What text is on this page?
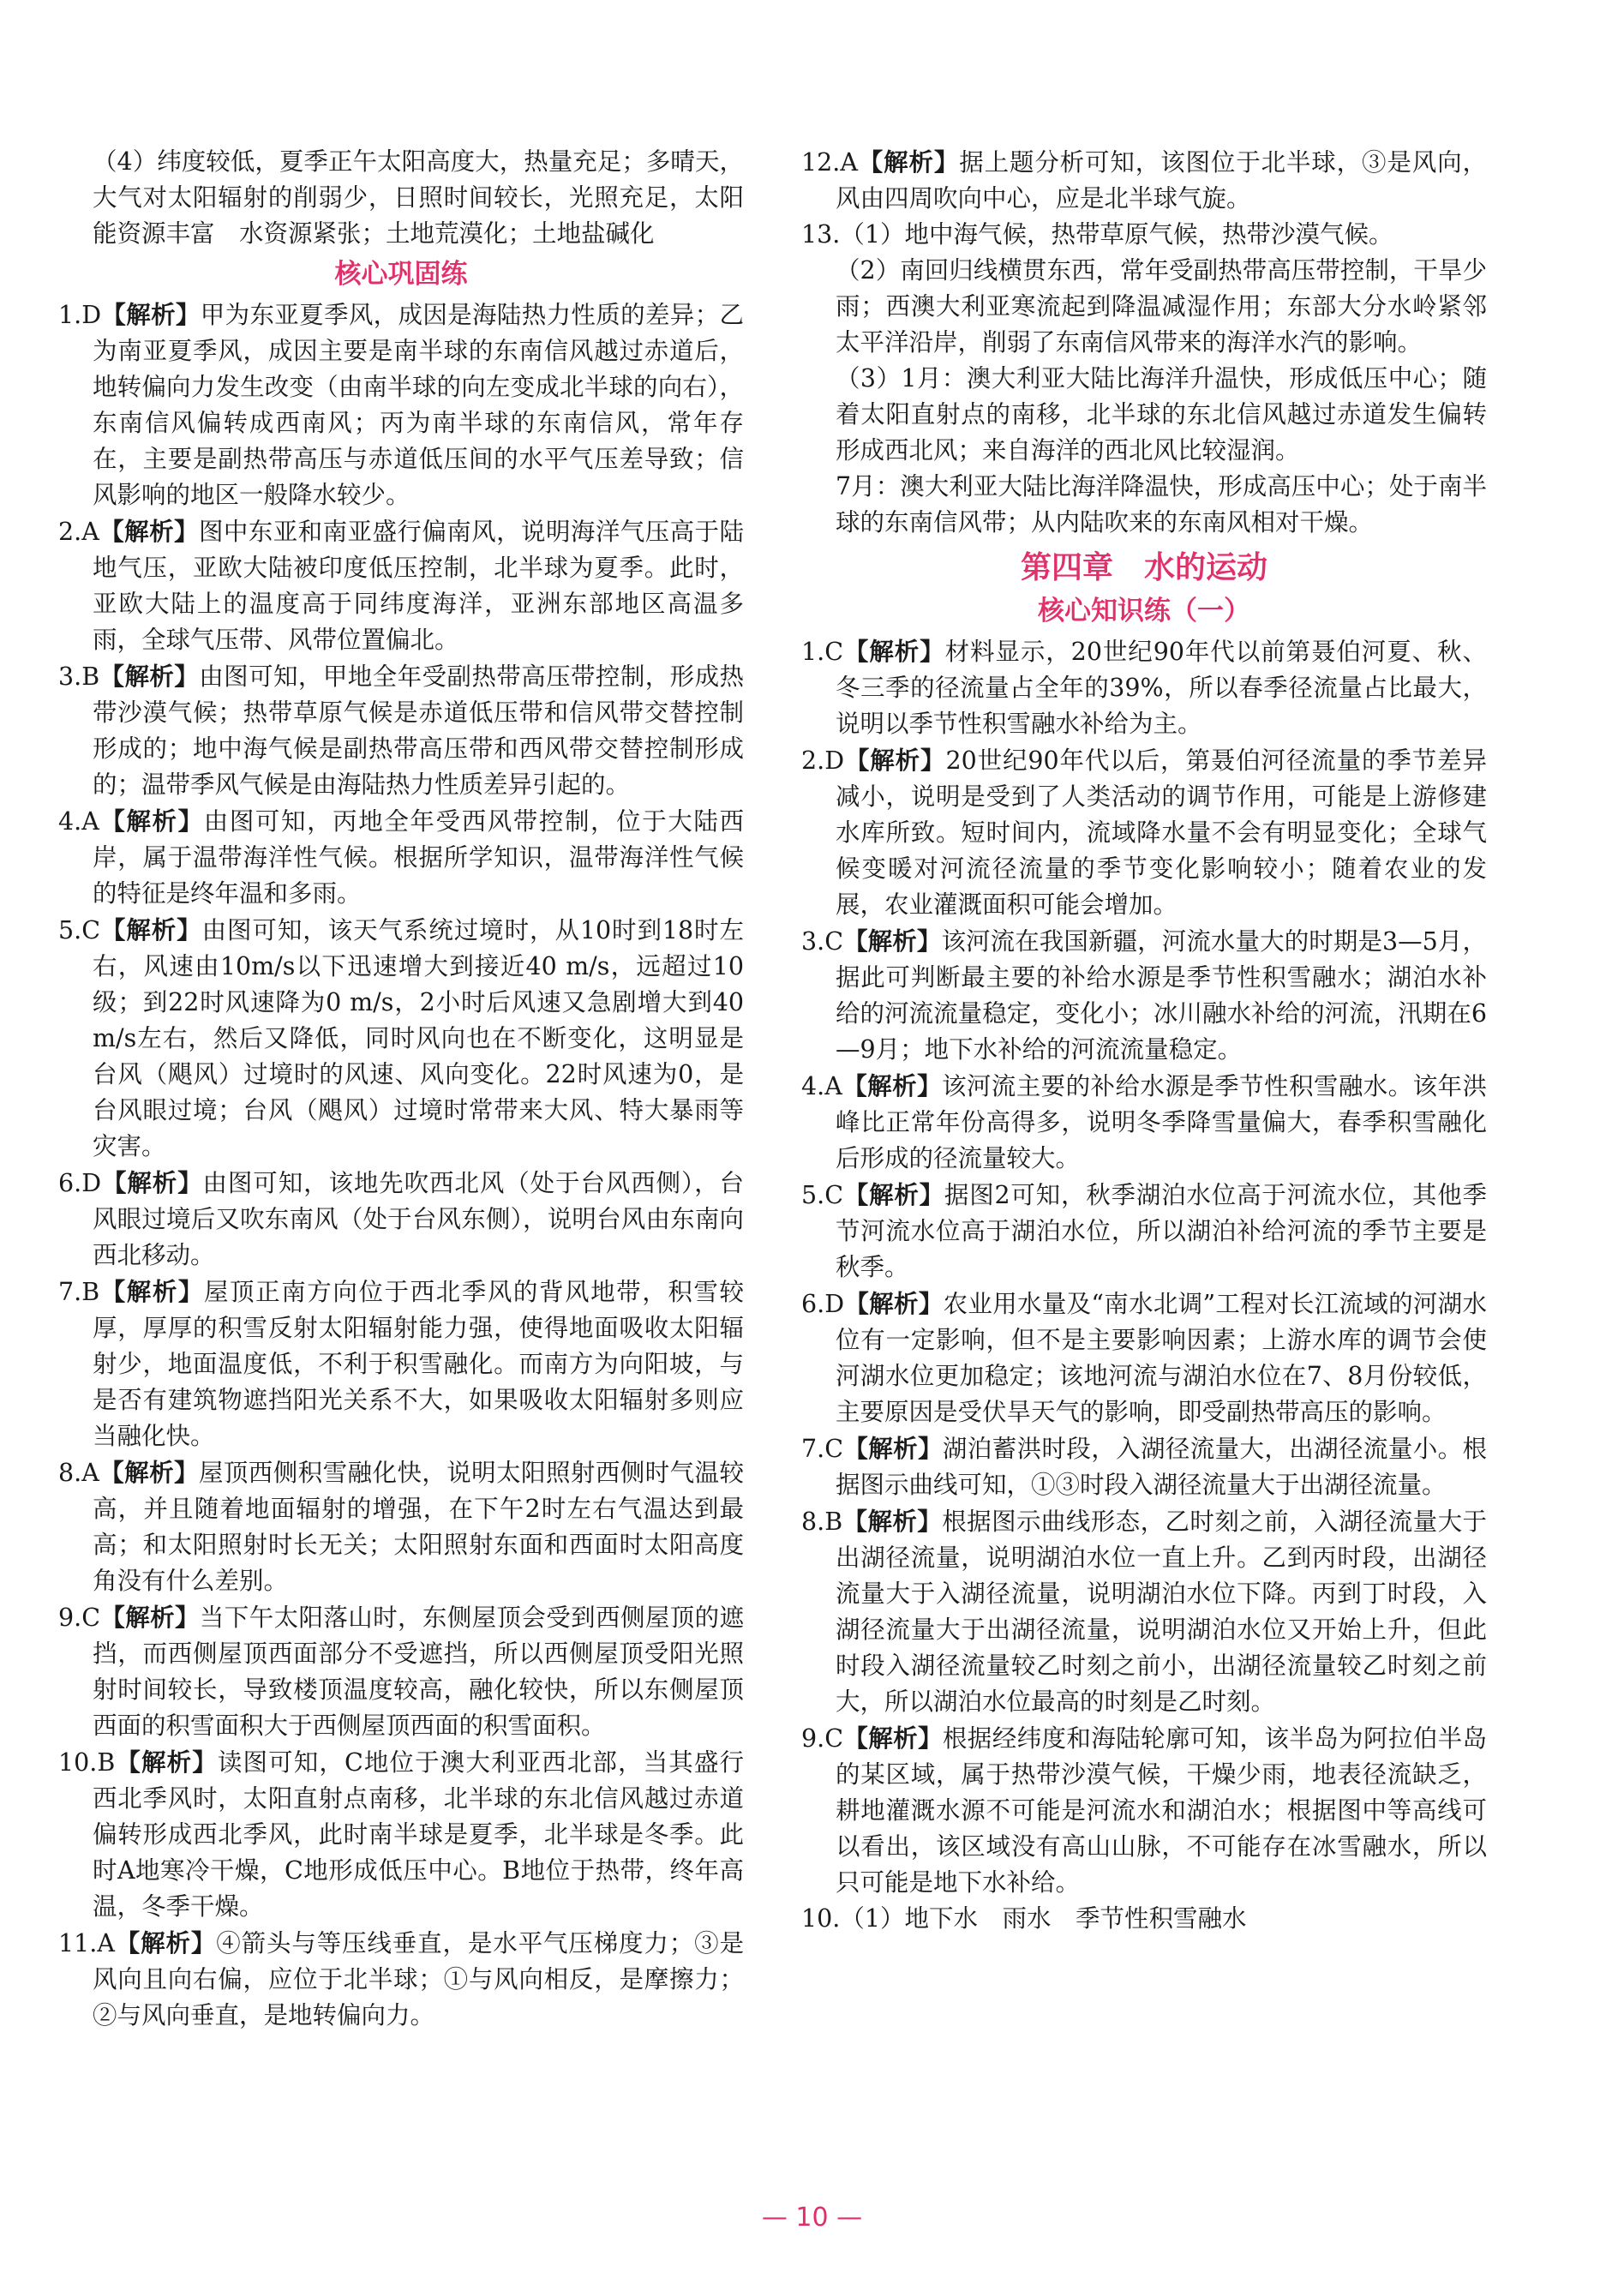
（4）纬度较低，夏季正午太阳高度大，热量充足；多晴天，大气对太阳辐射的削弱少，日照时间较长，光照充足，太阳能资源丰富　水资源紧张；土地荒漠化；土地盐碱化

核心巩固练

1.D【解析】甲为东亚夏季风，成因是海陆热力性质的差异；乙为南亚夏季风，成因主要是南半球的东南信风越过赤道后，地转偏向力发生改变（由南半球的向左变成北半球的向右），东南信风偏转成西南风；丙为南半球的东南信风，常年存在，主要是副热带高压与赤道低压间的水平气压差导致；信风影响的地区一般降水较少。

2.A【解析】图中东亚和南亚盛行偏南风，说明海洋气压高于陆地气压，亚欧大陆被印度低压控制，北半球为夏季。此时，亚欧大陆上的温度高于同纬度海洋，亚洲东部地区高温多雨，全球气压带、风带位置偏北。

3.B【解析】由图可知，甲地全年受副热带高压带控制，形成热带沙漠气候；热带草原气候是赤道低压带和信风带交替控制形成的；地中海气候是副热带高压带和西风带交替控制形成的；温带季风气候是由海陆热力性质差异引起的。

4.A【解析】由图可知，丙地全年受西风带控制，位于大陆西岸，属于温带海洋性气候。根据所学知识，温带海洋性气候的特征是终年温和多雨。

5.C【解析】由图可知，该天气系统过境时，从10时到18时左右，风速由10m/s以下迅速增大到接近40 m/s，远超过10级；到22时风速降为0 m/s，2小时后风速又急剧增大到40 m/s左右，然后又降低，同时风向也在不断变化，这明显是台风（飓风）过境时的风速、风向变化。22时风速为0，是台风眼过境；台风（飓风）过境时常带来大风、特大暴雨等灾害。

6.D【解析】由图可知，该地先吹西北风（处于台风西侧），台风眼过境后又吹东南风（处于台风东侧），说明台风由东南向西北移动。

7.B【解析】屋顶正南方向位于西北季风的背风地带，积雪较厚，厚厚的积雪反射太阳辐射能力强，使得地面吸收太阳辐射少，地面温度低，不利于积雪融化。而南方为向阳坡，与是否有建筑物遮挡阳光关系不大，如果吸收太阳辐射多则应当融化快。

8.A【解析】屋顶西侧积雪融化快，说明太阳照射西侧时气温较高，并且随着地面辐射的增强，在下午2时左右气温达到最高；和太阳照射时长无关；太阳照射东面和西面时太阳高度角没有什么差别。

9.C【解析】当下午太阳落山时，东侧屋顶会受到西侧屋顶的遮挡，而西侧屋顶西面部分不受遮挡，所以西侧屋顶受阳光照射时间较长，导致楼顶温度较高，融化较快，所以东侧屋顶西面的积雪面积大于西侧屋顶西面的积雪面积。

10.B【解析】读图可知，C地位于澳大利亚西北部，当其盛行西北季风时，太阳直射点南移，北半球的东北信风越过赤道偏转形成西北季风，此时南半球是夏季，北半球是冬季。此时A地寒冷干燥，C地形成低压中心。B地位于热带，终年高温，冬季干燥。

11.A【解析】④箭头与等压线垂直，是水平气压梯度力；③是风向且向右偏，应位于北半球；①与风向相反，是摩擦力；②与风向垂直，是地转偏向力。

12.A【解析】据上题分析可知，该图位于北半球，③是风向，风由四周吹向中心，应是北半球气旋。

13.（1）地中海气候，热带草原气候，热带沙漠气候。

（2）南回归线横贯东西，常年受副热带高压带控制，干旱少雨；西澳大利亚寒流起到降温减湿作用；东部大分水岭紧邻太平洋沿岸，削弱了东南信风带来的海洋水汽的影响。

（3）1月：澳大利亚大陆比海洋升温快，形成低压中心；随着太阳直射点的南移，北半球的东北信风越过赤道发生偏转形成西北风；来自海洋的西北风比较湿润。

7月：澳大利亚大陆比海洋降温快，形成高压中心；处于南半球的东南信风带；从内陆吹来的东南风相对干燥。

第四章　水的运动
核心知识练（一）

1.C【解析】材料显示，20世纪90年代以前第聂伯河夏、秋、冬三季的径流量占全年的39%，所以春季径流量占比最大，说明以季节性积雪融水补给为主。

2.D【解析】20世纪90年代以后，第聂伯河径流量的季节差异减小，说明是受到了人类活动的调节作用，可能是上游修建水库所致。短时间内，流域降水量不会有明显变化；全球气候变暖对河流径流量的季节变化影响较小；随着农业的发展，农业灌溉面积可能会增加。

3.C【解析】该河流在我国新疆，河流水量大的时期是3—5月，据此可判断最主要的补给水源是季节性积雪融水；湖泊水补给的河流流量稳定，变化小；冰川融水补给的河流，汛期在6—9月；地下水补给的河流流量稳定。

4.A【解析】该河流主要的补给水源是季节性积雪融水。该年洪峰比正常年份高得多，说明冬季降雪量偏大，春季积雪融化后形成的径流量较大。

5.C【解析】据图2可知，秋季湖泊水位高于河流水位，其他季节河流水位高于湖泊水位，所以湖泊补给河流的季节主要是秋季。

6.D【解析】农业用水量及“南水北调”工程对长江流域的河湖水位有一定影响，但不是主要影响因素；上游水库的调节会使河湖水位更加稳定；该地河流与湖泊水位在7、8月份较低，主要原因是受伏旱天气的影响，即受副热带高压的影响。

7.C【解析】湖泊蓄洪时段，入湖径流量大，出湖径流量小。根据图示曲线可知，①③时段入湖径流量大于出湖径流量。

8.B【解析】根据图示曲线形态，乙时刻之前，入湖径流量大于出湖径流量，说明湖泊水位一直上升。乙到丙时段，出湖径流量大于入湖径流量，说明湖泊水位下降。丙到丁时段，入湖径流量大于出湖径流量，说明湖泊水位又开始上升，但此时段入湖径流量较乙时刻之前小，出湖径流量较乙时刻之前大，所以湖泊水位最高的时刻是乙时刻。

9.C【解析】根据经纬度和海陆轮廓可知，该半岛为阿拉伯半岛的某区域，属于热带沙漠气候，干燥少雨，地表径流缺乏，耕地灌溉水源不可能是河流水和湖泊水；根据图中等高线可以看出，该区域没有高山山脉，不可能存在冰雪融水，所以只可能是地下水补给。

10.（1）地下水　雨水　季节性积雪融水

— 10 —
